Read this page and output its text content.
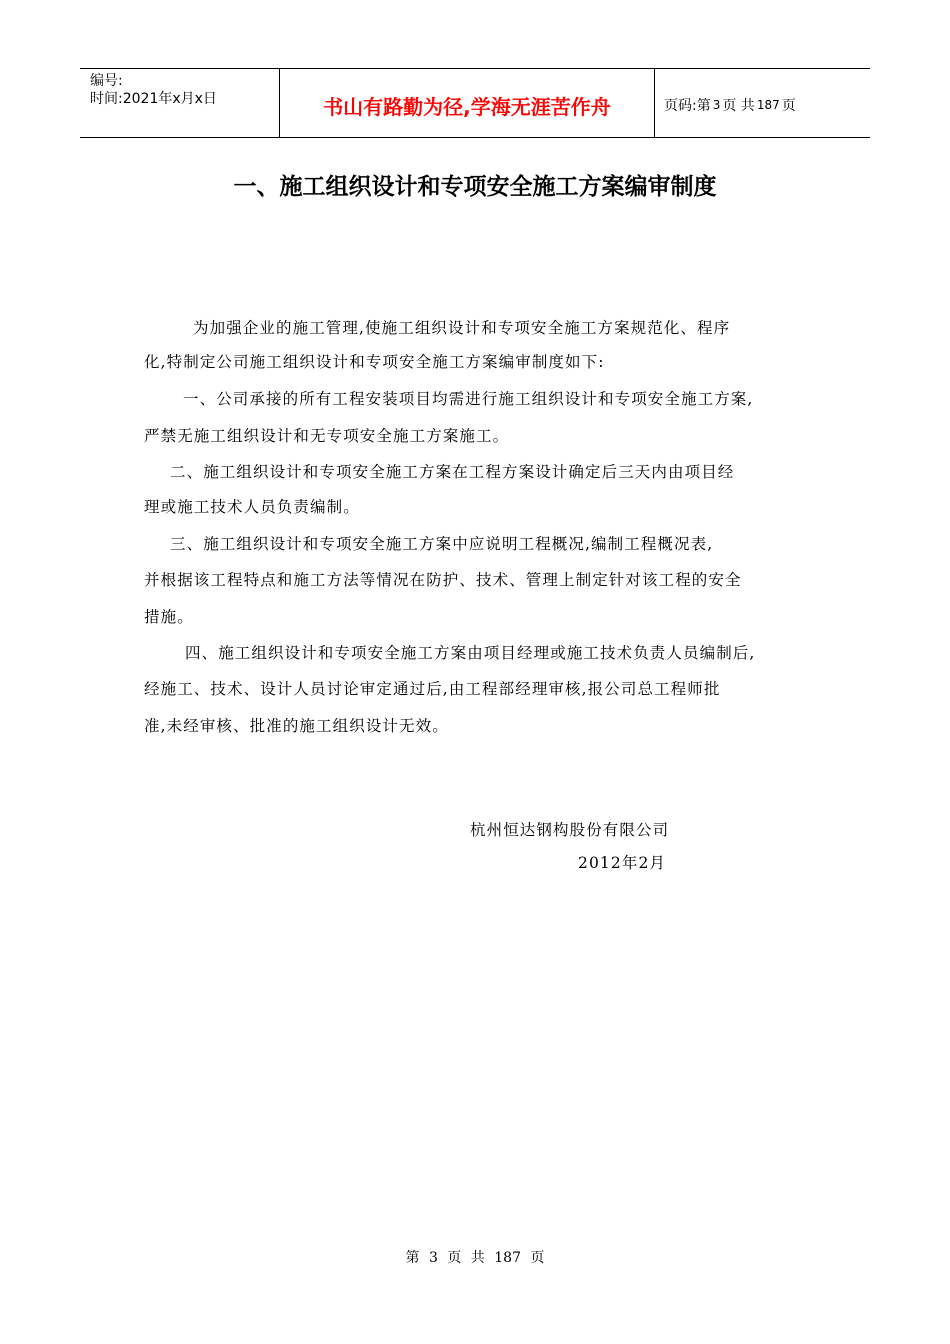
编号:
时间:2021年x月x日	书山有路勤为径,学海无涯苦作舟	页码:第 3 页 共 187 页
一、施工组织设计和专项安全施工方案编审制度
为加强企业的施工管理,使施工组织设计和专项安全施工方案规范化、程序
化,特制定公司施工组织设计和专项安全施工方案编审制度如下:
一、公司承接的所有工程安装项目均需进行施工组织设计和专项安全施工方案,
严禁无施工组织设计和无专项安全施工方案施工。
二、施工组织设计和专项安全施工方案在工程方案设计确定后三天内由项目经
理或施工技术人员负责编制。
三、施工组织设计和专项安全施工方案中应说明工程概况,编制工程概况表,
并根据该工程特点和施工方法等情况在防护、技术、管理上制定针对该工程的安全
措施。
四、施工组织设计和专项安全施工方案由项目经理或施工技术负责人员编制后,
经施工、技术、设计人员讨论审定通过后,由工程部经理审核,报公司总工程师批
准,未经审核、批准的施工组织设计无效。
杭州恒达钢构股份有限公司
2012年2月
第 3 页 共 187 页
